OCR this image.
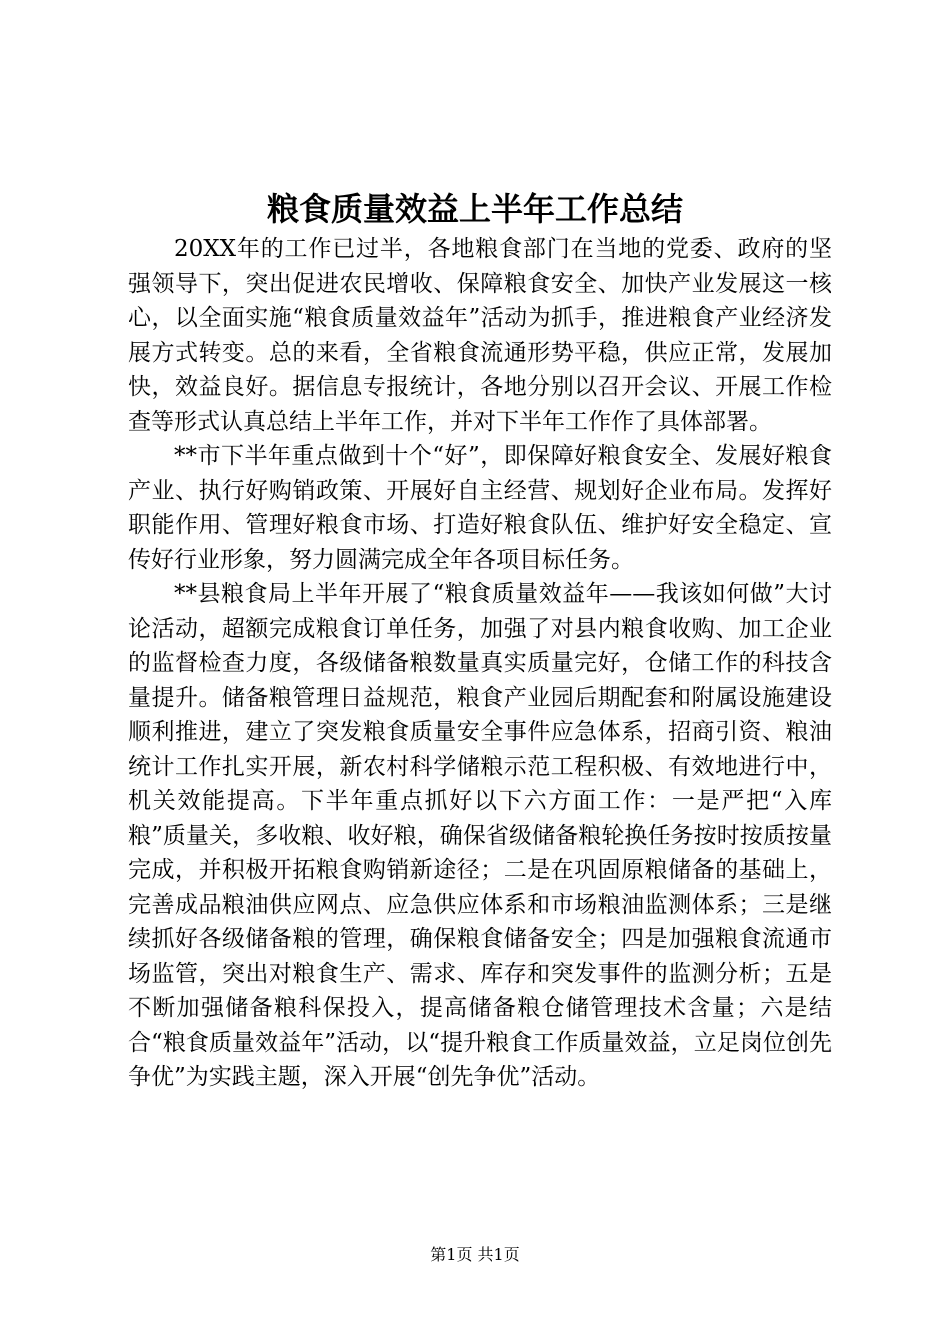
粮食质量效益上半年工作总结

20XX年的工作已过半，各地粮食部门在当地的党委、政府的坚强领导下，突出促进农民增收、保障粮食安全、加快产业发展这一核心，以全面实施“粮食质量效益年”活动为抓手，推进粮食产业经济发展方式转变。总的来看，全省粮食流通形势平稳，供应正常，发展加快，效益良好。据信息专报统计，各地分别以召开会议、开展工作检查等形式认真总结上半年工作，并对下半年工作作了具体部署。

**市下半年重点做到十个“好”，即保障好粮食安全、发展好粮食产业、执行好购销政策、开展好自主经营、规划好企业布局。发挥好职能作用、管理好粮食市场、打造好粮食队伍、维护好安全稳定、宣传好行业形象，努力圆满完成全年各项目标任务。

**县粮食局上半年开展了“粮食质量效益年——我该如何做”大讨论活动，超额完成粮食订单任务，加强了对县内粮食收购、加工企业的监督检查力度，各级储备粮数量真实质量完好，仓储工作的科技含量提升。储备粮管理日益规范，粮食产业园后期配套和附属设施建设顺利推进，建立了突发粮食质量安全事件应急体系，招商引资、粮油统计工作扎实开展，新农村科学储粮示范工程积极、有效地进行中，机关效能提高。下半年重点抓好以下六方面工作：一是严把“入库粮”质量关，多收粮、收好粮，确保省级储备粮轮换任务按时按质按量完成，并积极开拓粮食购销新途径；二是在巩固原粮储备的基础上，完善成品粮油供应网点、应急供应体系和市场粮油监测体系；三是继续抓好各级储备粮的管理，确保粮食储备安全；四是加强粮食流通市场监管，突出对粮食生产、需求、库存和突发事件的监测分析；五是不断加强储备粮科保投入，提高储备粮仓储管理技术含量；六是结合“粮食质量效益年”活动，以“提升粮食工作质量效益，立足岗位创先争优”为实践主题，深入开展“创先争优”活动。

第1页 共1页
